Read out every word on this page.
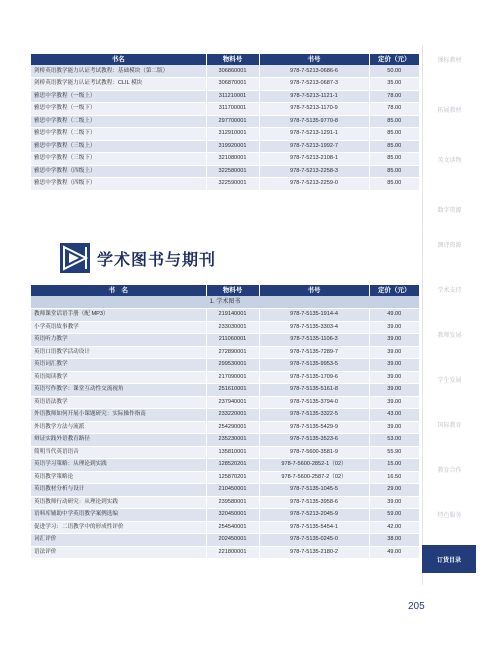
书名	物料号	书号	定价（元）
剑桥英语教学能力认证考试教程：基础模块（第二版）	306860001	978-7-5213-0686-6	50.00
剑桥英语教学能力认证考试教程：CLIL 模块	306870001	978-7-5213-0687-3	35.00
雅思中学教程（一级上）	311210001	978-7-5213-1121-1	78.00
雅思中学教程（一级下）	311700001	978-7-5213-1170-9	78.00
雅思中学教程（二级上）	297700001	978-7-5135-9770-8	85.00
雅思中学教程（二级下）	312910001	978-7-5213-1291-1	85.00
雅思中学教程（三级上）	319920001	978-7-5213-1992-7	85.00
雅思中学教程（三级下）	321080001	978-7-5213-2108-1	85.00
雅思中学教程（四级上）	322580001	978-7-5213-2258-3	85.00
雅思中学教程（四级下）	322590001	978-7-5213-2259-0	85.00
学术图书与期刊
书　名	物料号	书号	定价（元）
1. 学术图书			
教师课堂话语手册（配 MP3）	219140001	978-7-5135-1914-4	49.00
小学英语故事教学	233030001	978-7-5135-3303-4	39.00
英语听力教学	211060001	978-7-5135-1106-3	39.00
英语口语教学活动设计	272890001	978-7-5135-7289-7	39.00
英语词汇教学	299530001	978-7-5135-9953-5	39.00
英语阅读教学	217090001	978-7-5135-1709-6	39.00
英语写作教学：课堂互动性交流视角	251610001	978-7-5135-5161-8	39.00
英语语法教学	237940001	978-7-5135-3794-0	39.00
外语教师如何开展小课题研究：实际操作指南	233220001	978-7-5135-3322-5	43.00
外语教学方法与流派	254290001	978-7-5135-5429-9	39.00
辩证实践外语教育路径	235230001	978-7-5135-3523-6	53.00
简明当代英语语音	135810001	978-7-5600-3581-9	55.90
英语学习策略：从理论到实践	128520201	978-7-5600-2852-1（02）	15.00
英语教学策略论	125870201	978-7-5600-2587-2（02）	16.50
英语教材分析与设计	210450001	978-7-5135-1045-5	29.00
英语教师行动研究：从理论到实践	239580001	978-7-5135-3958-6	39.00
语料库辅助中学英语教学案例选编	320450001	978-7-5213-2045-9	59.00
促进学习：二语教学中的形成性评价	254540001	978-7-5135-5454-1	42.00
词汇评价	202450001	978-7-5135-0245-0	38.00
语法评价	221800001	978-7-5135-2180-2	49.00
课标教材
拓展教材
英文读物
数字资源
测评资源
学术支持
教师发展
学生发展
国际教育
教育合作
特色服务
订货目录
205
